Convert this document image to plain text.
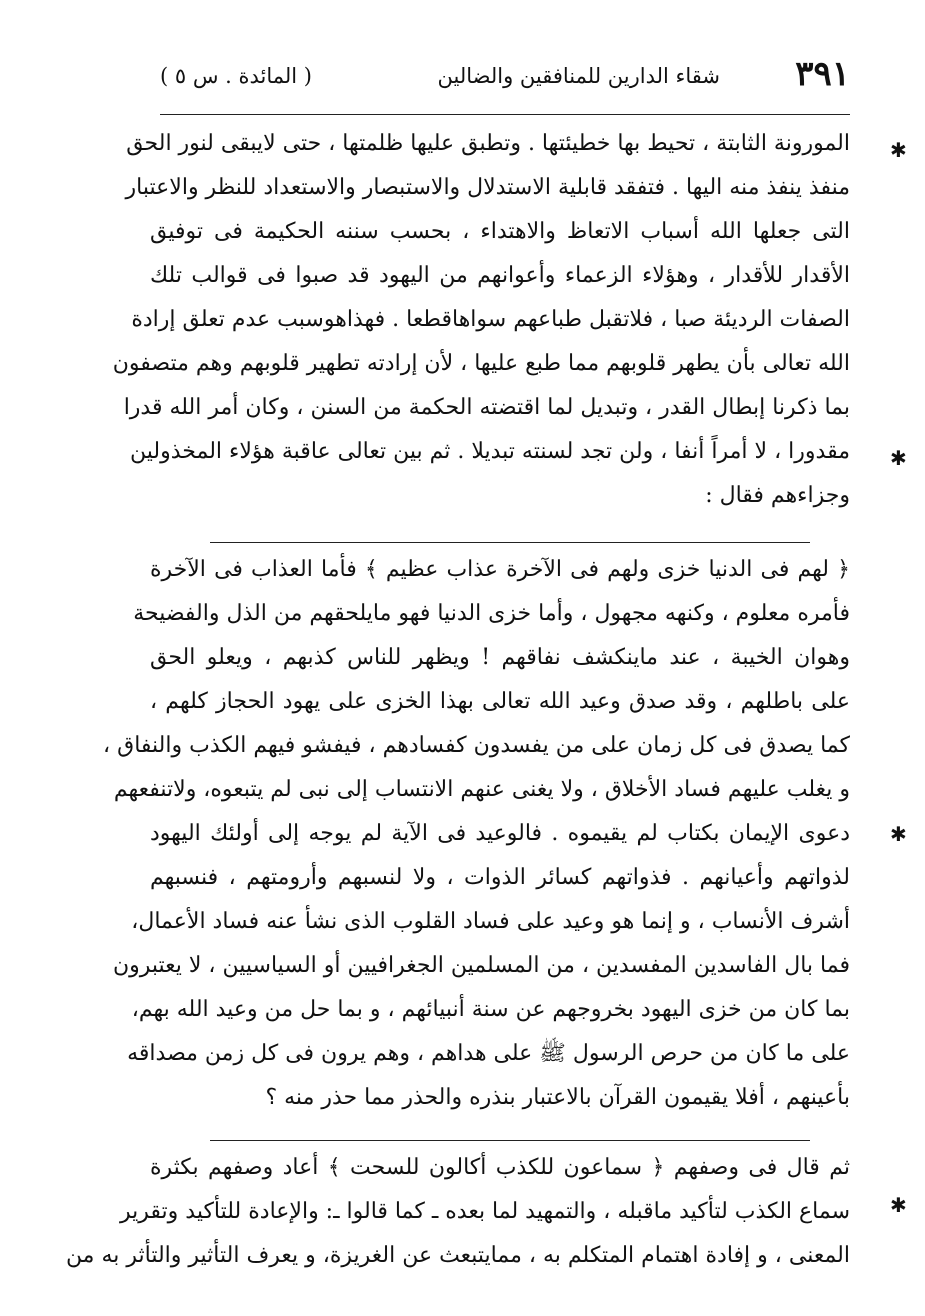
٣٩١
شقاء الدارين للمنافقين والضالين
( المائدة . س ٥ )
المورونة الثابتة ، تحيط بها خطيئتها . وتطبق عليها ظلمتها ، حتى لايبقى لنور الحق
منفذ ينفذ منه اليها . فتفقد قابلية الاستدلال والاستبصار والاستعداد للنظر والاعتبار
التى جعلها الله أسباب الاتعاظ والاهتداء ، بحسب سننه الحكيمة فى توفيق
الأقدار للأقدار ، وهؤلاء الزعماء وأعوانهم من اليهود قد صبوا فى قوالب تلك
الصفات الرديئة صبا ، فلاتقبل طباعهم سواهاقطعا . فهذاهوسبب عدم تعلق إرادة
الله تعالى بأن يطهر قلوبهم مما طبع عليها ، لأن إرادته تطهير قلوبهم وهم متصفون
بما ذكرنا إبطال القدر ، وتبديل لما اقتضته الحكمة من السنن ، وكان أمر الله قدرا
مقدورا ، لا أمراً أنفا ، ولن تجد لسنته تبديلا . ثم بين تعالى عاقبة هؤلاء المخذولين
وجزاءهم فقال :
﴿ لهم فى الدنيا خزى ولهم فى الآخرة عذاب عظيم ﴾ فأما العذاب فى الآخرة
فأمره معلوم ، وكنهه مجهول ، وأما خزى الدنيا فهو مايلحقهم من الذل والفضيحة
وهوان الخيبة ، عند ماينكشف نفاقهم ! ويظهر للناس كذبهم ، ويعلو الحق
على باطلهم ، وقد صدق وعيد الله تعالى بهذا الخزى على يهود الحجاز كلهم ،
كما يصدق فى كل زمان على من يفسدون كفسادهم ، فيفشو فيهم الكذب والنفاق ،
و يغلب عليهم فساد الأخلاق ، ولا يغنى عنهم الانتساب إلى نبى لم يتبعوه، ولاتنفعهم
دعوى الإيمان بكتاب لم يقيموه . فالوعيد فى الآية لم يوجه إلى أولئك اليهود
لذواتهم وأعيانهم . فذواتهم كسائر الذوات ، ولا لنسبهم وأرومتهم ، فنسبهم
أشرف الأنساب ، و إنما هو وعيد على فساد القلوب الذى نشأ عنه فساد الأعمال،
فما بال الفاسدين المفسدين ، من المسلمين الجغرافيين أو السياسيين ، لا يعتبرون
بما كان من خزى اليهود بخروجهم عن سنة أنبيائهم ، و بما حل من وعيد الله بهم،
على ما كان من حرص الرسول ﷺ على هداهم ، وهم يرون فى كل زمن مصداقه
بأعينهم ، أفلا يقيمون القرآن بالاعتبار بنذره والحذر مما حذر منه ؟
ثم قال فى وصفهم ﴿ سماعون للكذب أكالون للسحت ﴾ أعاد وصفهم بكثرة
سماع الكذب لتأكيد ماقبله ، والتمهيد لما بعده ـ كما قالوا ـ: والإعادة للتأكيد وتقرير
المعنى ، و إفادة اهتمام المتكلم به ، ممايتبعث عن الغريزة، و يعرف التأثير والتأثر به من
✱
✱
✱
✱
